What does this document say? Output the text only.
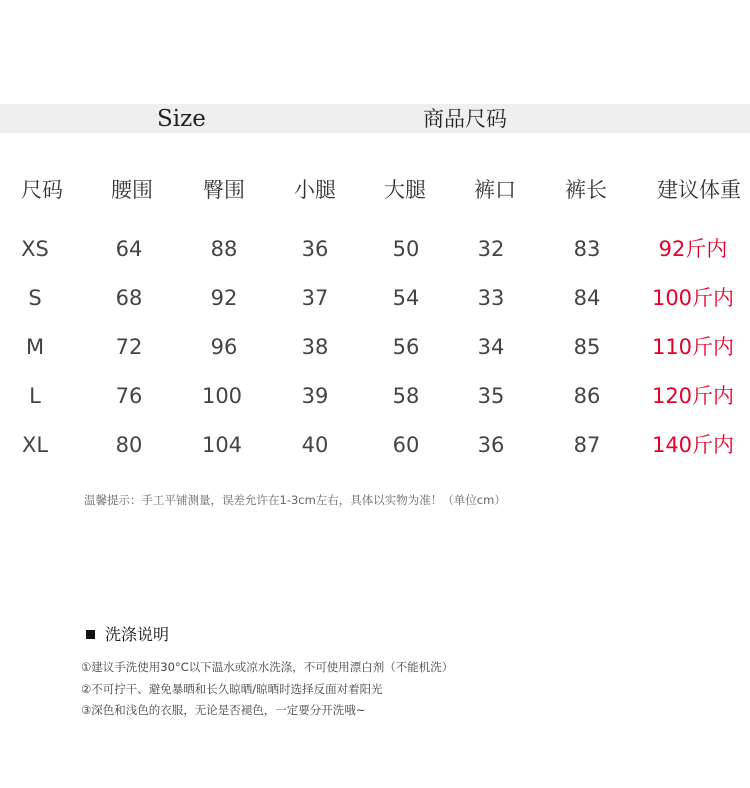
Size	商品尺码
尺码	腰围	臀围	小腿	大腿	裤口	裤长	建议体重
XS	64	88	36	50	32	83	92斤内
S	68	92	37	54	33	84	100斤内
M	72	96	38	56	34	85	110斤内
L	76	100	39	58	35	86	120斤内
XL	80	104	40	60	36	87	140斤内
温馨提示：手工平铺测量，误差允许在1-3cm左右，具体以实物为准！（单位cm）
洗涤说明
①建议手洗使用30°C以下温水或凉水洗涤，不可使用漂白剂（不能机洗）
②不可拧干、避免暴晒和长久晾晒/晾晒时选择反面对着阳光
③深色和浅色的衣服，无论是否褪色，一定要分开洗哦~
